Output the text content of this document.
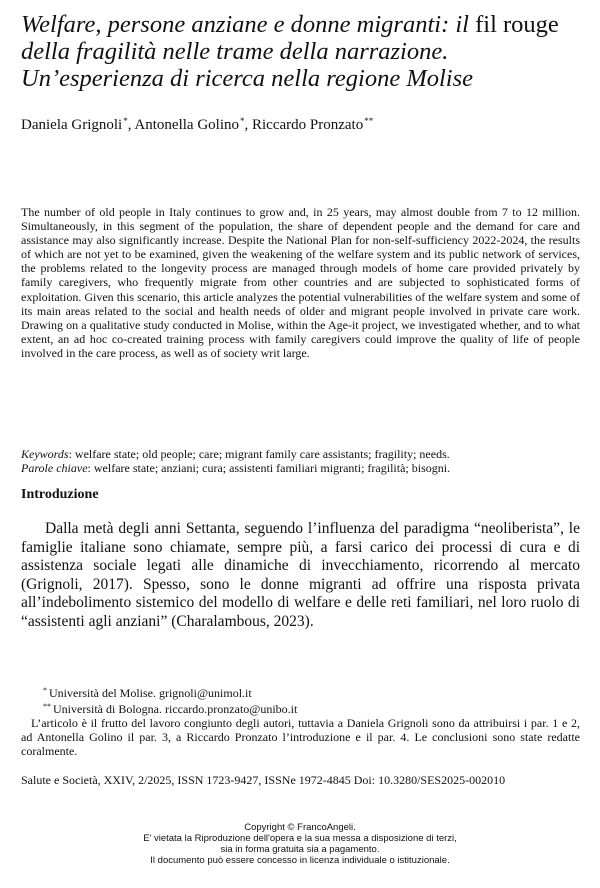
Welfare, persone anziane e donne migranti: il fil rouge della fragilità nelle trame della narrazione. Un’esperienza di ricerca nella regione Molise
Daniela Grignoli*, Antonella Golino*, Riccardo Pronzato**
The number of old people in Italy continues to grow and, in 25 years, may almost double from 7 to 12 million. Simultaneously, in this segment of the population, the share of dependent people and the demand for care and assistance may also significantly increase. Despite the National Plan for non-self-sufficiency 2022-2024, the results of which are not yet to be examined, given the weakening of the welfare system and its public network of services, the problems related to the longevity process are managed through models of home care provided privately by family caregivers, who frequently migrate from other countries and are subjected to sophisticated forms of exploitation. Given this scenario, this article analyzes the potential vulnerabilities of the welfare system and some of its main areas related to the social and health needs of older and migrant people involved in private care work. Drawing on a qualitative study conducted in Molise, within the Age-it project, we investigated whether, and to what extent, an ad hoc co-created training process with family caregivers could improve the quality of life of people involved in the care process, as well as of society writ large.
Keywords: welfare state; old people; care; migrant family care assistants; fragility; needs.
Parole chiave: welfare state; anziani; cura; assistenti familiari migranti; fragilità; bisogni.
Introduzione

Dalla metà degli anni Settanta, seguendo l’influenza del paradigma “neoliberista”, le famiglie italiane sono chiamate, sempre più, a farsi carico dei processi di cura e di assistenza sociale legati alle dinamiche di invecchiamento, ricorrendo al mercato (Grignoli, 2017). Spesso, sono le donne migranti ad offrire una risposta privata all’indebolimento sistemico del modello di welfare e delle reti familiari, nel loro ruolo di “assistenti agli anziani” (Charalambous, 2023).

* Università del Molise. grignoli@unimol.it
** Università di Bologna. riccardo.pronzato@unibo.it
L’articolo è il frutto del lavoro congiunto degli autori, tuttavia a Daniela Grignoli sono da attribuirsi i par. 1 e 2, ad Antonella Golino il par. 3, a Riccardo Pronzato l’introduzione e il par. 4. Le conclusioni sono state redatte coralmente.
Salute e Società, XXIV, 2/2025, ISSN 1723-9427, ISSNe 1972-4845 Doi: 10.3280/SES2025-002010
Copyright © FrancoAngeli.
E' vietata la Riproduzione dell'opera e la sua messa a disposizione di terzi,
sia in forma gratuita sia a pagamento.
Il documento può essere concesso in licenza individuale o istituzionale.
